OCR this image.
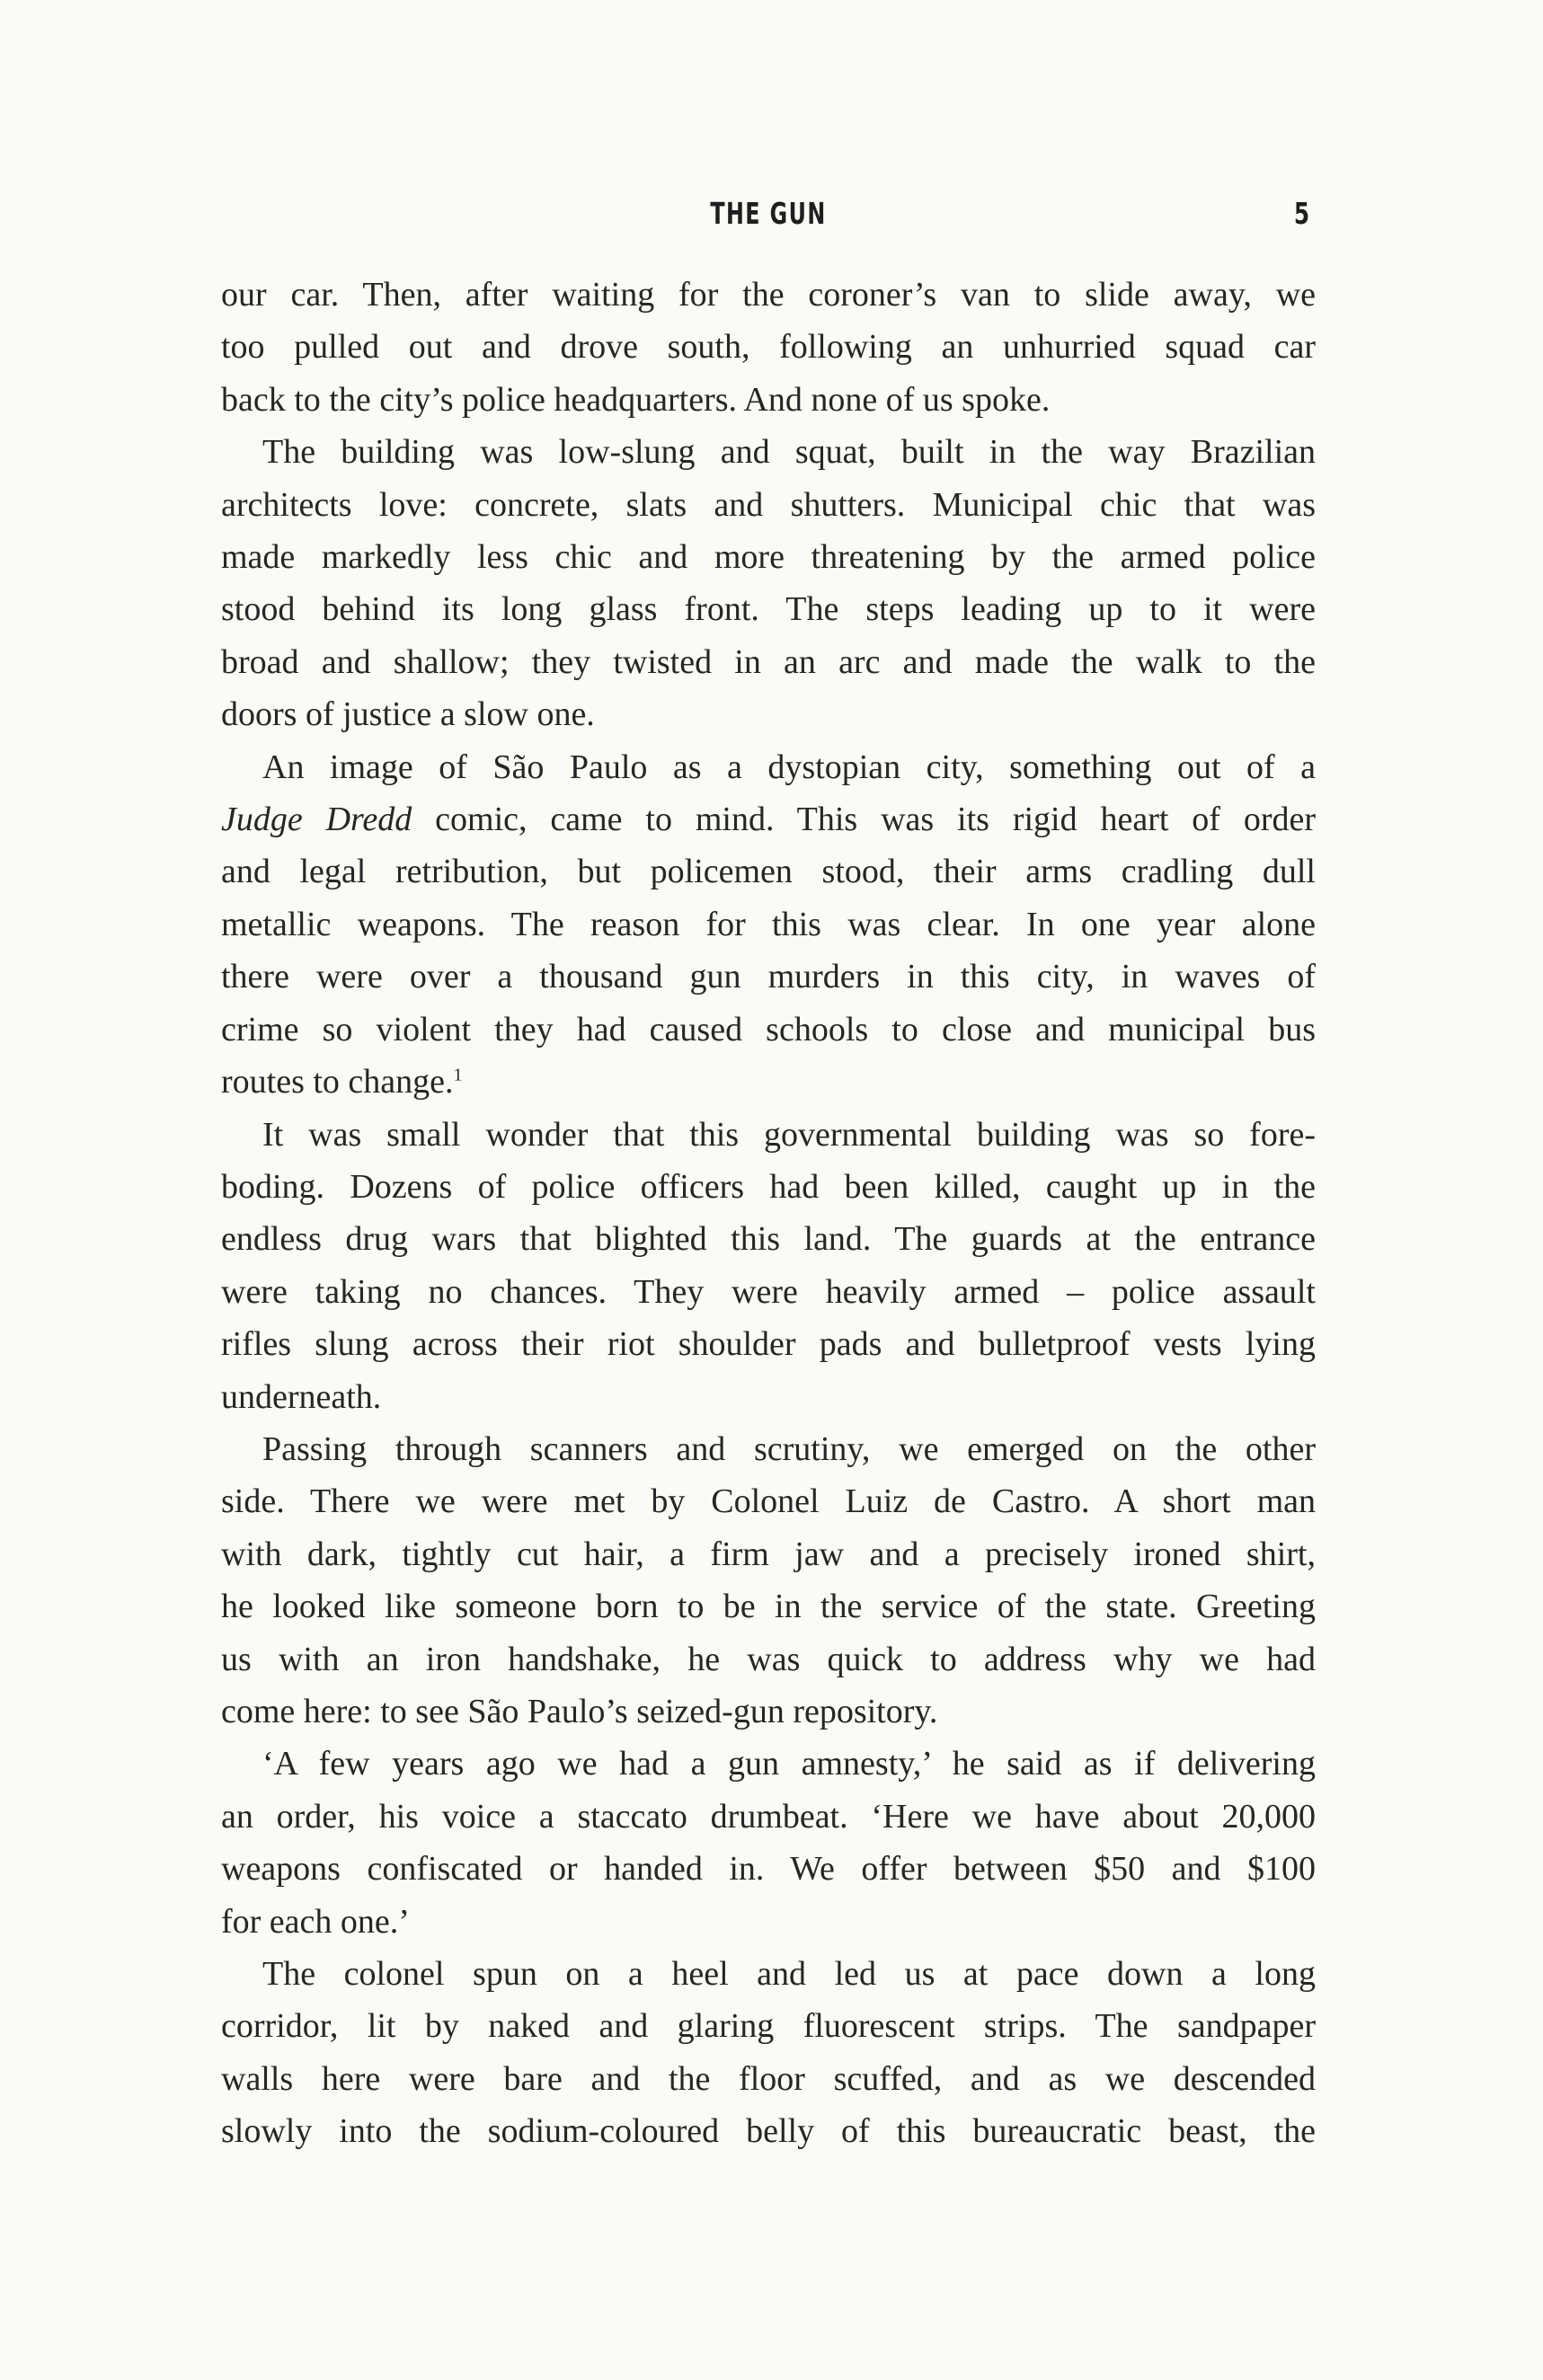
THE GUN	5
our car. Then, after waiting for the coroner’s van to slide away, we
too pulled out and drove south, following an unhurried squad car
back to the city’s police headquarters. And none of us spoke.
The building was low-slung and squat, built in the way Brazilian
architects love: concrete, slats and shutters. Municipal chic that was
made markedly less chic and more threatening by the armed police
stood behind its long glass front. The steps leading up to it were
broad and shallow; they twisted in an arc and made the walk to the
doors of justice a slow one.
An image of São Paulo as a dystopian city, something out of a
Judge Dredd comic, came to mind. This was its rigid heart of order
and legal retribution, but policemen stood, their arms cradling dull
metallic weapons. The reason for this was clear. In one year alone
there were over a thousand gun murders in this city, in waves of
crime so violent they had caused schools to close and municipal bus
routes to change.$^1$
It was small wonder that this governmental building was so fore-
boding. Dozens of police officers had been killed, caught up in the
endless drug wars that blighted this land. The guards at the entrance
were taking no chances. They were heavily armed – police assault
rifles slung across their riot shoulder pads and bulletproof vests lying
underneath.
Passing through scanners and scrutiny, we emerged on the other
side. There we were met by Colonel Luiz de Castro. A short man
with dark, tightly cut hair, a firm jaw and a precisely ironed shirt,
he looked like someone born to be in the service of the state. Greeting
us with an iron handshake, he was quick to address why we had
come here: to see São Paulo’s seized-gun repository.
‘A few years ago we had a gun amnesty,’ he said as if delivering
an order, his voice a staccato drumbeat. ‘Here we have about 20,000
weapons confiscated or handed in. We offer between $50 and $100
for each one.’
The colonel spun on a heel and led us at pace down a long
corridor, lit by naked and glaring fluorescent strips. The sandpaper
walls here were bare and the floor scuffed, and as we descended
slowly into the sodium-coloured belly of this bureaucratic beast, the
